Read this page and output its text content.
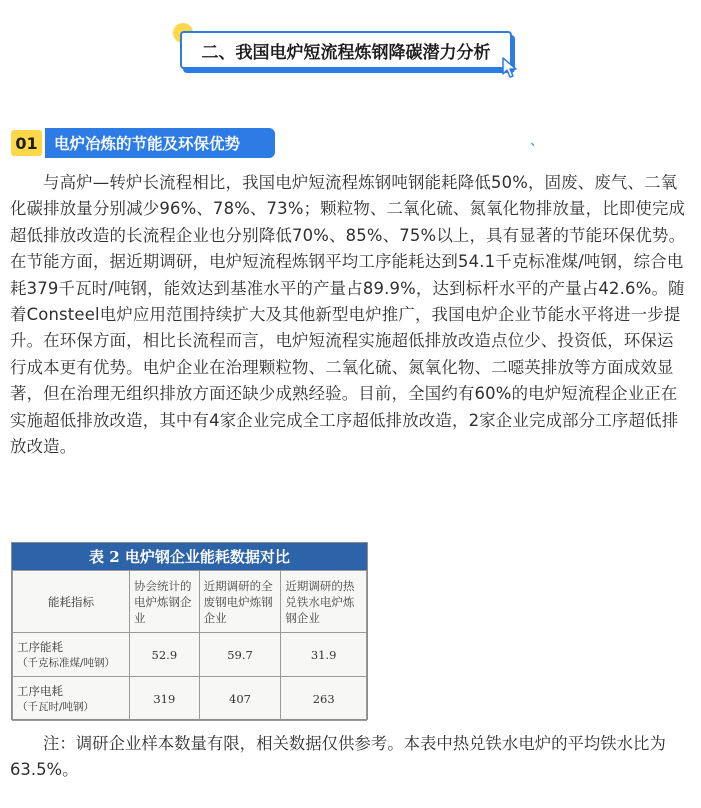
二、我国电炉短流程炼钢降碳潜力分析
01	电炉冶炼的节能及环保优势	、

与高炉—转炉长流程相比，我国电炉短流程炼钢吨钢能耗降低50%，固废、废气、二氧化碳排放量分别减少96%、78%、73%；颗粒物、二氧化硫、氮氧化物排放量，比即使完成超低排放改造的长流程企业也分别降低70%、85%、75%以上，具有显著的节能环保优势。在节能方面，据近期调研，电炉短流程炼钢平均工序能耗达到54.1千克标准煤/吨钢，综合电耗379千瓦时/吨钢，能效达到基准水平的产量占89.9%，达到标杆水平的产量占42.6%。随着Consteel电炉应用范围持续扩大及其他新型电炉推广，我国电炉企业节能水平将进一步提升。在环保方面，相比长流程而言，电炉短流程实施超低排放改造点位少、投资低，环保运行成本更有优势。电炉企业在治理颗粒物、二氧化硫、氮氧化物、二噁英排放等方面成效显著，但在治理无组织排放方面还缺少成熟经验。目前，全国约有60%的电炉短流程企业正在实施超低排放改造，其中有4家企业完成全工序超低排放改造，2家企业完成部分工序超低排放改造。

表 2 电炉钢企业能耗数据对比
能耗指标	协会统计的电炉炼钢企业	近期调研的全废钢电炉炼钢企业	近期调研的热兑铁水电炉炼钢企业

工序能耗
（千克标准煤/吨钢）	52.9	59.7	31.9

工序电耗
（千瓦时/吨钢）	319	407	263

注：调研企业样本数量有限，相关数据仅供参考。本表中热兑铁水电炉的平均铁水比为63.5%。
